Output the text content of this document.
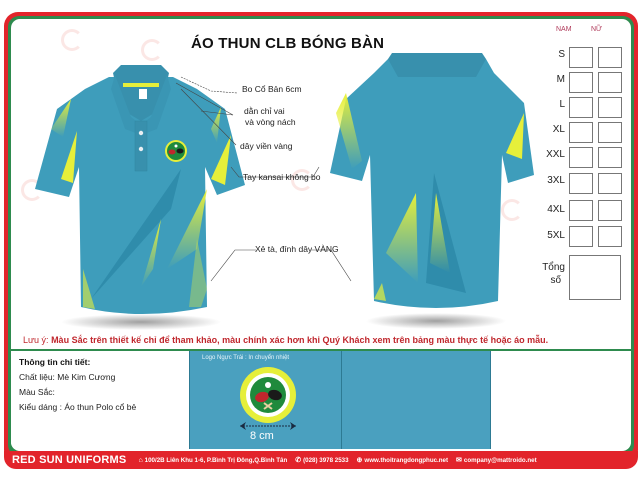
ÁO THUN CLB BÓNG BÀN
Bo Cổ Bản 6cm
dằn chỉ vai
và vòng nách
dây viền vàng
Tay kansai không bo
Xẻ tà, đính dây VÀNG
NAM	NỮ
S
M
L
XL
XXL
3XL
4XL
5XL
Tổng
số
Lưu ý: Màu Sắc trên thiết kế chỉ để tham khảo, màu chính xác hơn khi Quý Khách xem trên bảng màu thực tế hoặc áo mẫu.
Thông tin chi tiết:
Chất liệu: Mè Kim Cương
Màu Sắc:
Kiểu dáng : Áo thun Polo cổ bẻ
Logo Ngực Trái : In chuyển nhiệt
8 cm
RED SUN UNIFORMS ⌂ 100/2B Liên Khu 1-6, P.Bình Trị Đông,Q.Bình Tân ✆ (028) 3978 2533 ⊕ www.thoitrangdongphuc.net ✉ company@mattroido.net
